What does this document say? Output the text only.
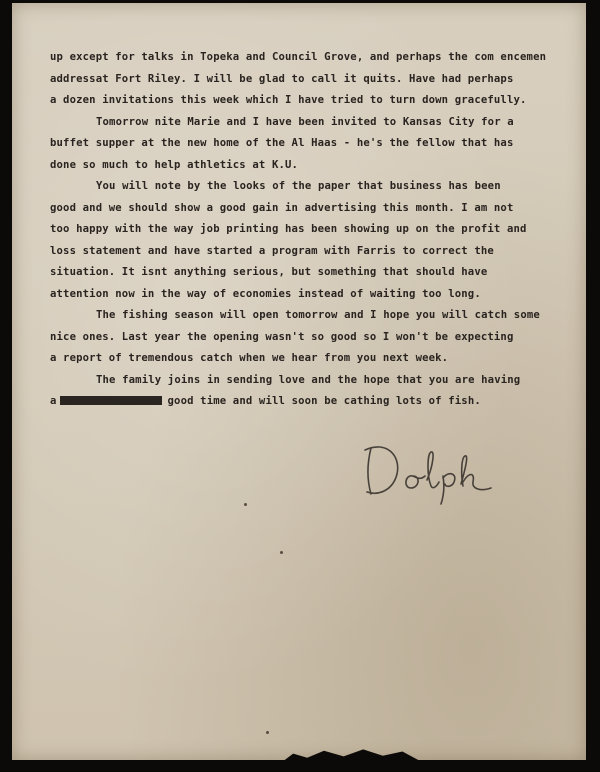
up except for talks in Topeka and Council Grove, and perhaps the com encemen
addressat Fort Riley. I will be glad to call it quits. Have had perhaps
a dozen invitations this week which I have tried to turn down gracefully.
Tomorrow nite Marie and I have been invited to Kansas City for a
buffet supper at the new home of the Al Haas - he's the fellow that has
done so much to help athletics at K.U.
You will note by the looks of the paper that business has been
good and we should show a good gain in advertising this month. I am not
too happy with the way job printing has been showing up on the profit and
loss statement and have started a program with Farris to correct the
situation. It isnt anything serious, but something that should have
attention now in the way of economies instead of waiting too long.
The fishing season will open tomorrow and I hope you will catch some
nice ones. Last year the opening wasn't so good so I won't be expecting
a report of tremendous catch when we hear from you next week.
The family joins in sending love and the hope that you are having
a	good time and will soon be cathing lots of fish.
